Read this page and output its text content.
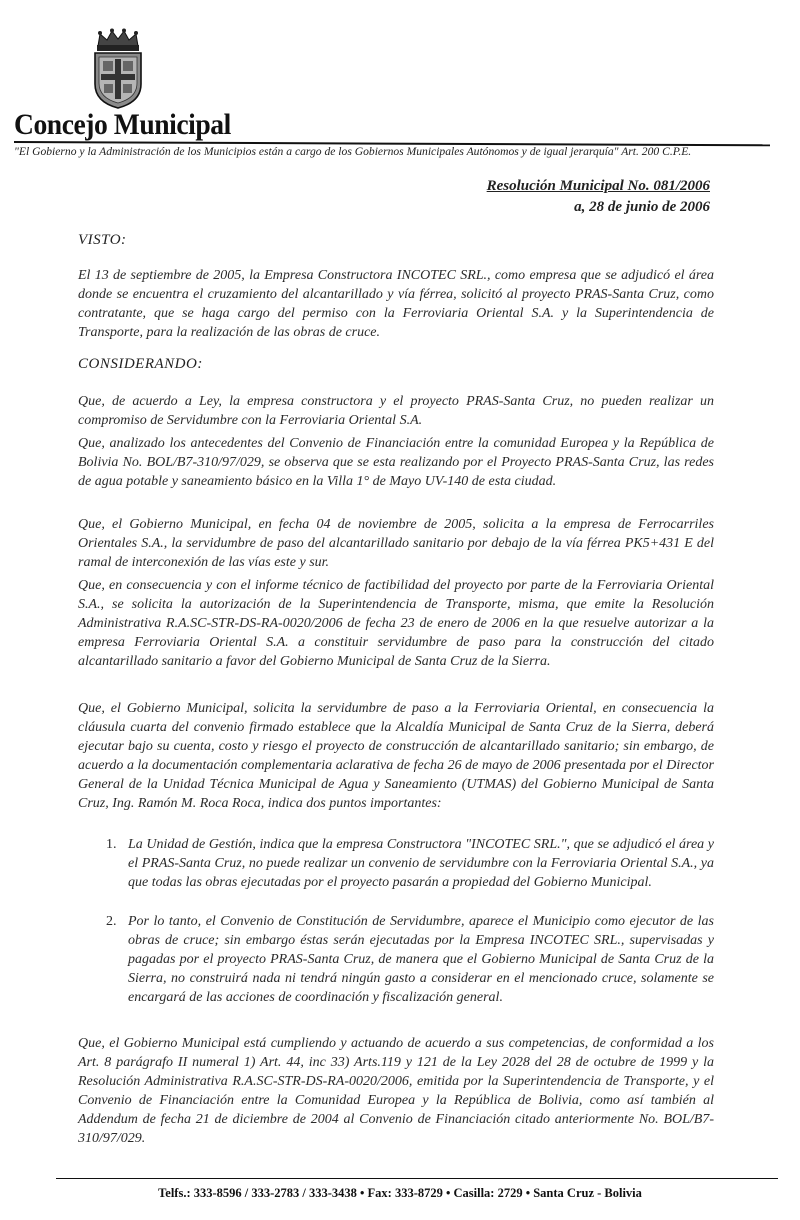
Concejo Municipal
"El Gobierno y la Administración de los Municipios están a cargo de los Gobiernos Municipales Autónomos y de igual jerarquía" Art. 200 C.P.E.
Resolución Municipal No. 081/2006
a, 28 de junio de 2006
VISTO:
El 13 de septiembre de 2005, la Empresa Constructora INCOTEC SRL., como empresa que se adjudicó el área donde se encuentra el cruzamiento del alcantarillado y vía férrea, solicitó al proyecto PRAS-Santa Cruz, como contratante, que se haga cargo del permiso con la Ferroviaria Oriental S.A. y la Superintendencia de Transporte, para la realización de las obras de cruce.
CONSIDERANDO:
Que, de acuerdo a Ley, la empresa constructora y el proyecto PRAS-Santa Cruz, no pueden realizar un compromiso de Servidumbre con la Ferroviaria Oriental S.A.
Que, analizado los antecedentes del Convenio de Financiación entre la comunidad Europea y la República de Bolivia No. BOL/B7-310/97/029, se observa que se esta realizando por el Proyecto PRAS-Santa Cruz, las redes de agua potable y saneamiento básico en la Villa 1° de Mayo UV-140 de esta ciudad.
Que, el Gobierno Municipal, en fecha 04 de noviembre de 2005, solicita a la empresa de Ferrocarriles Orientales S.A., la servidumbre de paso del alcantarillado sanitario por debajo de la vía férrea PK5+431 E del ramal de interconexión de las vías este y sur.
Que, en consecuencia y con el informe técnico de factibilidad del proyecto por parte de la Ferroviaria Oriental S.A., se solicita la autorización de la Superintendencia de Transporte, misma, que emite la Resolución Administrativa R.A.SC-STR-DS-RA-0020/2006 de fecha 23 de enero de 2006 en la que resuelve autorizar a la empresa Ferroviaria Oriental S.A. a constituir servidumbre de paso para la construcción del citado alcantarillado sanitario a favor del Gobierno Municipal de Santa Cruz de la Sierra.
Que, el Gobierno Municipal, solicita la servidumbre de paso a la Ferroviaria Oriental, en consecuencia la cláusula cuarta del convenio firmado establece que la Alcaldía Municipal de Santa Cruz de la Sierra, deberá ejecutar bajo su cuenta, costo y riesgo el proyecto de construcción de alcantarillado sanitario; sin embargo, de acuerdo a la documentación complementaria aclarativa de fecha 26 de mayo de 2006 presentada por el Director General de la Unidad Técnica Municipal de Agua y Saneamiento (UTMAS) del Gobierno Municipal de Santa Cruz, Ing. Ramón M. Roca Roca, indica dos puntos importantes:
1. La Unidad de Gestión, indica que la empresa Constructora "INCOTEC SRL.", que se adjudicó el área y el PRAS-Santa Cruz, no puede realizar un convenio de servidumbre con la Ferroviaria Oriental S.A., ya que todas las obras ejecutadas por el proyecto pasarán a propiedad del Gobierno Municipal.
2. Por lo tanto, el Convenio de Constitución de Servidumbre, aparece el Municipio como ejecutor de las obras de cruce; sin embargo éstas serán ejecutadas por la Empresa INCOTEC SRL., supervisadas y pagadas por el proyecto PRAS-Santa Cruz, de manera que el Gobierno Municipal de Santa Cruz de la Sierra, no construirá nada ni tendrá ningún gasto a considerar en el mencionado cruce, solamente se encargará de las acciones de coordinación y fiscalización general.
Que, el Gobierno Municipal está cumpliendo y actuando de acuerdo a sus competencias, de conformidad a los Art. 8 parágrafo II numeral 1) Art. 44, inc 33) Arts.119 y 121 de la Ley 2028 del 28 de octubre de 1999 y la Resolución Administrativa R.A.SC-STR-DS-RA-0020/2006, emitida por la Superintendencia de Transporte, y el Convenio de Financiación entre la Comunidad Europea y la República de Bolivia, como así también al Addendum de fecha 21 de diciembre de 2004 al Convenio de Financiación citado anteriormente No. BOL/B7-310/97/029.
Telfs.: 333-8596 / 333-2783 / 333-3438 • Fax: 333-8729 • Casilla: 2729 • Santa Cruz - Bolivia
